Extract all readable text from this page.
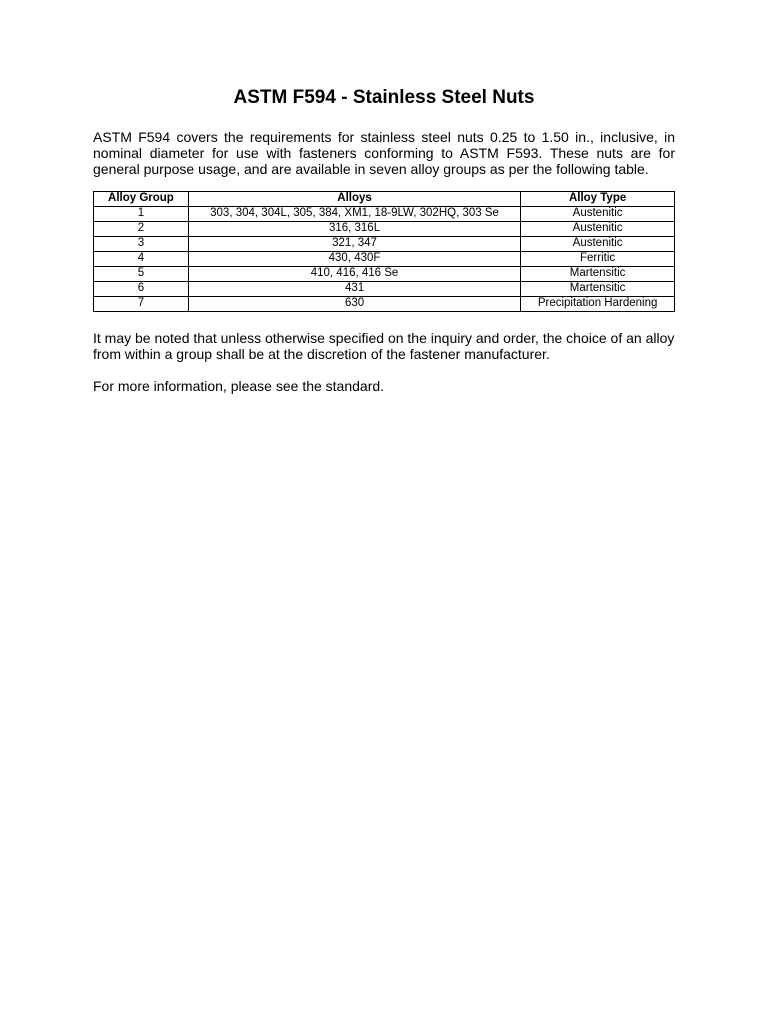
ASTM F594 - Stainless Steel Nuts

ASTM F594 covers the requirements for stainless steel nuts 0.25 to 1.50 in., inclusive, in nominal diameter for use with fasteners conforming to ASTM F593. These nuts are for general purpose usage, and are available in seven alloy groups as per the following table.

Alloy Group	Alloys	Alloy Type
1	303, 304, 304L, 305, 384, XM1, 18-9LW, 302HQ, 303 Se	Austenitic
2	316, 316L	Austenitic
3	321, 347	Austenitic
4	430, 430F	Ferritic
5	410, 416, 416 Se	Martensitic
6	431	Martensitic
7	630	Precipitation Hardening

It may be noted that unless otherwise specified on the inquiry and order, the choice of an alloy from within a group shall be at the discretion of the fastener manufacturer.

For more information, please see the standard.
